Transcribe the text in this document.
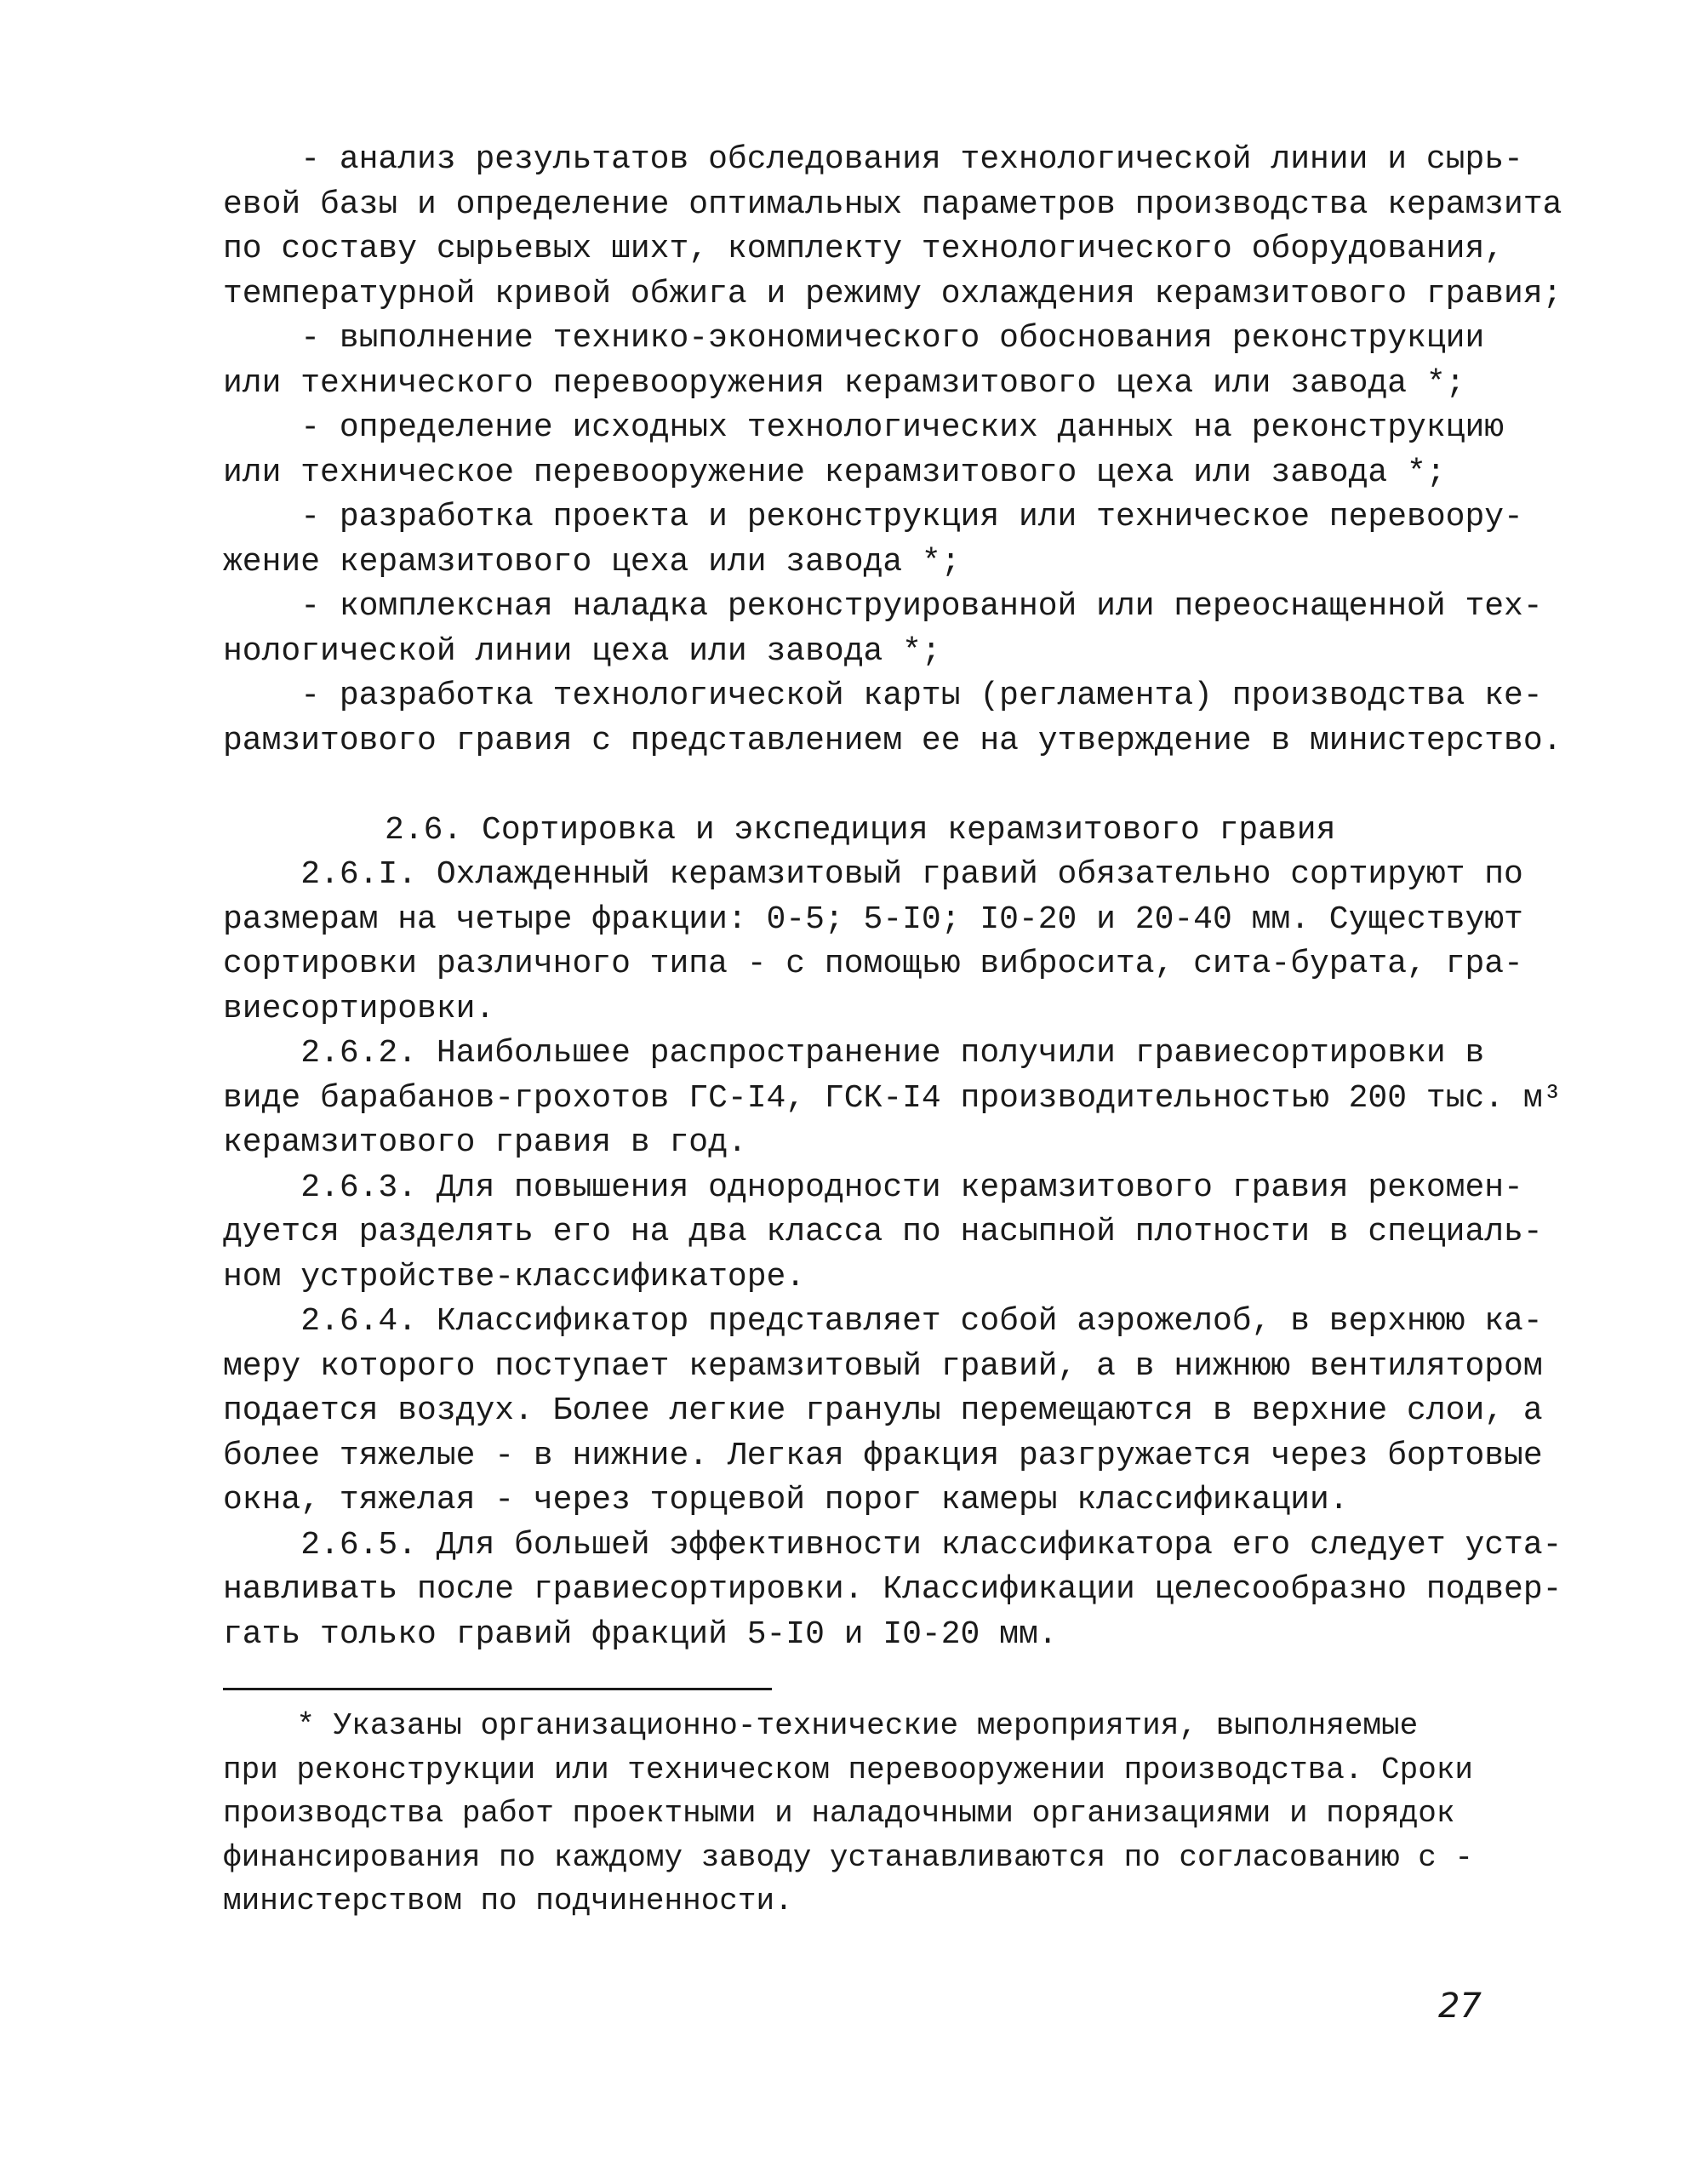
- анализ результатов обследования технологической линии и сырь-
евой базы и определение оптимальных параметров производства керамзита
по составу сырьевых шихт, комплекту технологического оборудования,
температурной кривой обжига и режиму охлаждения керамзитового гравия;
- выполнение технико-экономического обоснования реконструкции
или технического перевооружения керамзитового цеха или завода *;
- определение исходных технологических данных на реконструкцию
или техническое перевооружение керамзитового цеха или завода *;
- разработка проекта и реконструкция или техническое перевоору-
жение керамзитового цеха или завода *;
- комплексная наладка реконструированной или переоснащенной тех-
нологической линии цеха или завода *;
- разработка технологической карты (регламента) производства ке-
рамзитового гравия с представлением ее на утверждение в министерство.
2.6. Сортировка и экспедиция керамзитового гравия
2.6.I. Охлажденный керамзитовый гравий обязательно сортируют по
размерам на четыре фракции: 0-5; 5-I0; I0-20 и 20-40 мм. Существуют
сортировки различного типа - с помощью вибросита, сита-бурата, гра-
виесортировки.
2.6.2. Наибольшее распространение получили гравиесортировки в
виде барабанов-грохотов ГС-I4, ГСК-I4 производительностью 200 тыс. м³
керамзитового гравия в год.
2.6.3. Для повышения однородности керамзитового гравия рекомен-
дуется разделять его на два класса по насыпной плотности в специаль-
ном устройстве-классификаторе.
2.6.4. Классификатор представляет собой аэрожелоб, в верхнюю ка-
меру которого поступает керамзитовый гравий, а в нижнюю вентилятором
подается воздух. Более легкие гранулы перемещаются в верхние слои, а
более тяжелые - в нижние. Легкая фракция разгружается через бортовые
окна, тяжелая - через торцевой порог камеры классификации.
2.6.5. Для большей эффективности классификатора его следует уста-
навливать после гравиесортировки. Классификации целесообразно подвер-
гать только гравий фракций 5-I0 и I0-20 мм.
* Указаны организационно-технические мероприятия, выполняемые
при реконструкции или техническом перевооружении производства. Сроки
производства работ проектными и наладочными организациями и порядок
финансирования по каждому заводу устанавливаются по согласованию с -
министерством по подчиненности.
27
